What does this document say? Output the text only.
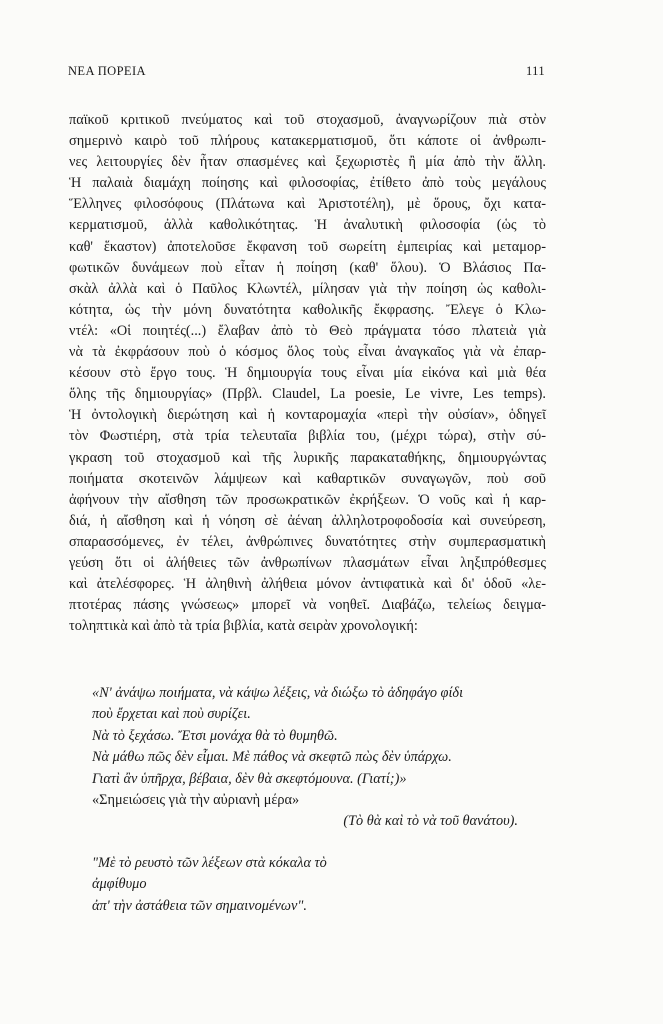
ΝΕΑ ΠΟΡΕΙΑ	111
παϊκοῦ κριτικοῦ πνεύματος καὶ τοῦ στοχασμοῦ, ἀναγνωρίζουν πιὰ στὸν
σημερινὸ καιρὸ τοῦ πλήρους κατακερματισμοῦ, ὅτι κάποτε οἱ ἀνθρωπι-
νες λειτουργίες δὲν ἦταν σπασμένες καὶ ξεχωριστὲς ἢ μία ἀπὸ τὴν ἄλλη.
Ἡ παλαιὰ διαμάχη ποίησης καὶ φιλοσοφίας, ἐτίθετο ἀπὸ τοὺς μεγάλους
Ἕλληνες φιλοσόφους (Πλάτωνα καὶ Ἀριστοτέλη), μὲ ὅρους, ὄχι κατα-
κερματισμοῦ, ἀλλὰ καθολικότητας. Ἡ ἀναλυτικὴ φιλοσοφία (ὡς τὸ
καθ' ἕκαστον) ἀποτελοῦσε ἔκφανση τοῦ σωρείτη ἐμπειρίας καὶ μεταμορ-
φωτικῶν δυνάμεων ποὺ εἶταν ἡ ποίηση (καθ' ὅλου). Ὁ Βλάσιος Πα-
σκὰλ ἀλλὰ καὶ ὁ Παῦλος Κλωντέλ, μίλησαν γιὰ τὴν ποίηση ὡς καθολι-
κότητα, ὡς τὴν μόνη δυνατότητα καθολικῆς ἔκφρασης. Ἔλεγε ὁ Κλω-
ντέλ: «Οἱ ποιητές(...) ἔλαβαν ἀπὸ τὸ Θεὸ πράγματα τόσο πλατειὰ γιὰ
νὰ τὰ ἐκφράσουν ποὺ ὁ κόσμος ὅλος τοὺς εἶναι ἀναγκαῖος γιὰ νὰ ἐπαρ-
κέσουν στὸ ἔργο τους. Ἡ δημιουργία τους εἶναι μία εἰκόνα καὶ μιὰ θέα
ὅλης τῆς δημιουργίας» (Πρβλ. Claudel, La poesie, Le vivre, Les temps).
Ἡ ὀντολογικὴ διερώτηση καὶ ἡ κονταρομαχία «περὶ τὴν οὐσίαν», ὁδηγεῖ
τὸν Φωστιέρη, στὰ τρία τελευταῖα βιβλία του, (μέχρι τώρα), στὴν σύ-
γκραση τοῦ στοχασμοῦ καὶ τῆς λυρικῆς παρακαταθήκης, δημιουργώντας
ποιήματα σκοτεινῶν λάμψεων καὶ καθαρτικῶν συναγωγῶν, ποὺ σοῦ
ἀφήνουν τὴν αἴσθηση τῶν προσωκρατικῶν ἐκρήξεων. Ὁ νοῦς καὶ ἡ καρ-
διά, ἡ αἴσθηση καὶ ἡ νόηση σὲ ἀέναη ἀλληλοτροφοδοσία καὶ συνεύρεση,
σπαρασσόμενες, ἐν τέλει, ἀνθρώπινες δυνατότητες στὴν συμπερασματικὴ
γεύση ὅτι οἱ ἀλήθειες τῶν ἀνθρωπίνων πλασμάτων εἶναι ληξιπρόθεσμες
καὶ ἀτελέσφορες. Ἡ ἀληθινὴ ἀλήθεια μόνον ἀντιφατικὰ καὶ δι' ὁδοῦ «λε-
πτοτέρας πάσης γνώσεως» μπορεῖ νὰ νοηθεῖ. Διαβάζω, τελείως δειγμα-
τοληπτικὰ καὶ ἀπὸ τὰ τρία βιβλία, κατὰ σειρὰν χρονολογική:
«Ν' ἀνάψω ποιήματα, νὰ κάψω λέξεις, νὰ διώξω τὸ ἀδηφάγο φίδι
ποὺ ἔρχεται καὶ ποὺ συρίζει.
Νὰ τὸ ξεχάσω. Ἔτσι μονάχα θὰ τὸ θυμηθῶ.
Νὰ μάθω πῶς δὲν εἶμαι. Μὲ πάθος νὰ σκεφτῶ πὼς δὲν ὑπάρχω.
Γιατὶ ἂν ὑπῆρχα, βέβαια, δὲν θὰ σκεφτόμουνα. (Γιατί;)»
«Σημειώσεις γιὰ τὴν αὐριανὴ μέρα»
(Τὸ θὰ καὶ τὸ νὰ τοῦ θανάτου).
"Μὲ τὸ ρευστὸ τῶν λέξεων στὰ κόκαλα τὸ
ἀμφίθυμο
ἀπ' τὴν ἀστάθεια τῶν σημαινομένων".
